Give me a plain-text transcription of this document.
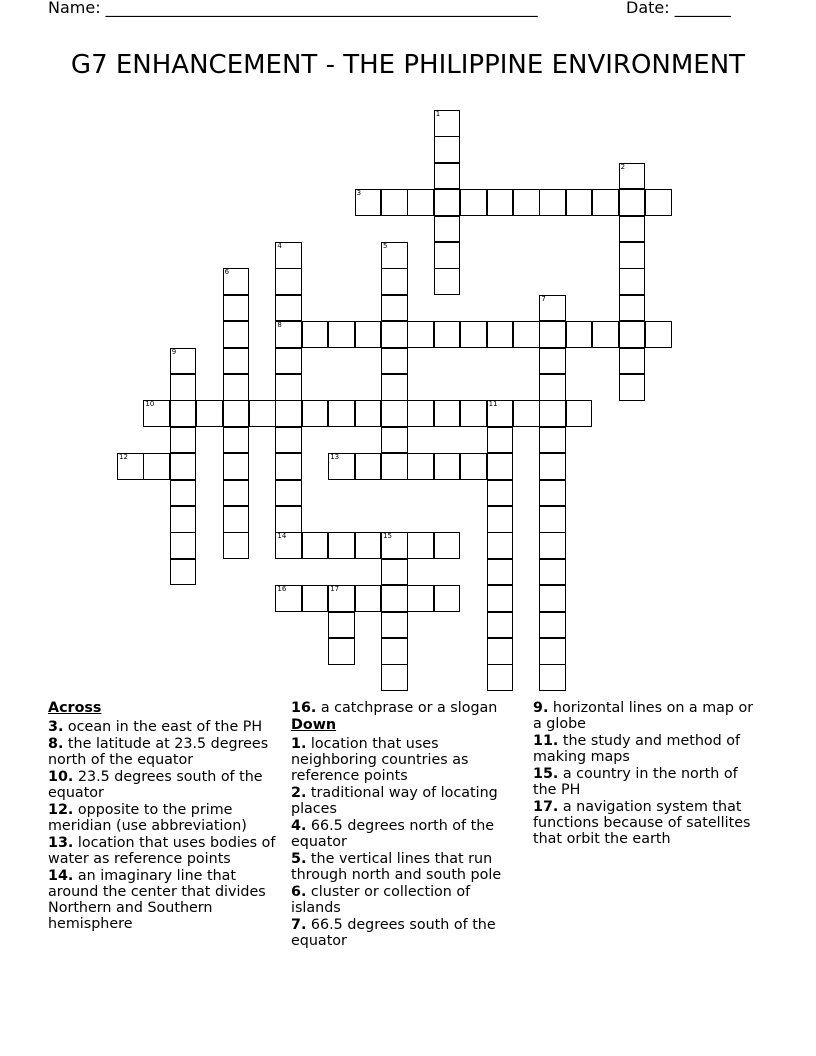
Name: ______________________________________________________	Date: _______
G7 ENHANCEMENT - THE PHILIPPINE ENVIRONMENT
1
2
3
4
8
14
5
6
7
9
10	11
12	13
15
16	17
Across
3. ocean in the east of the PH
8. the latitude at 23.5 degrees north of the equator
10. 23.5 degrees south of the equator
12. opposite to the prime meridian (use abbreviation)
13. location that uses bodies of water as reference points
14. an imaginary line that around the center that divides Northern and Southern hemisphere
16. a catchprase or a slogan
Down
1. location that uses neighboring countries as reference points
2. traditional way of locating places
4. 66.5 degrees north of the equator
5. the vertical lines that run through north and south pole
6. cluster or collection of islands
7. 66.5 degrees south of the equator
9. horizontal lines on a map or a globe
11. the study and method of making maps
15. a country in the north of the PH
17. a navigation system that functions because of satellites that orbit the earth
